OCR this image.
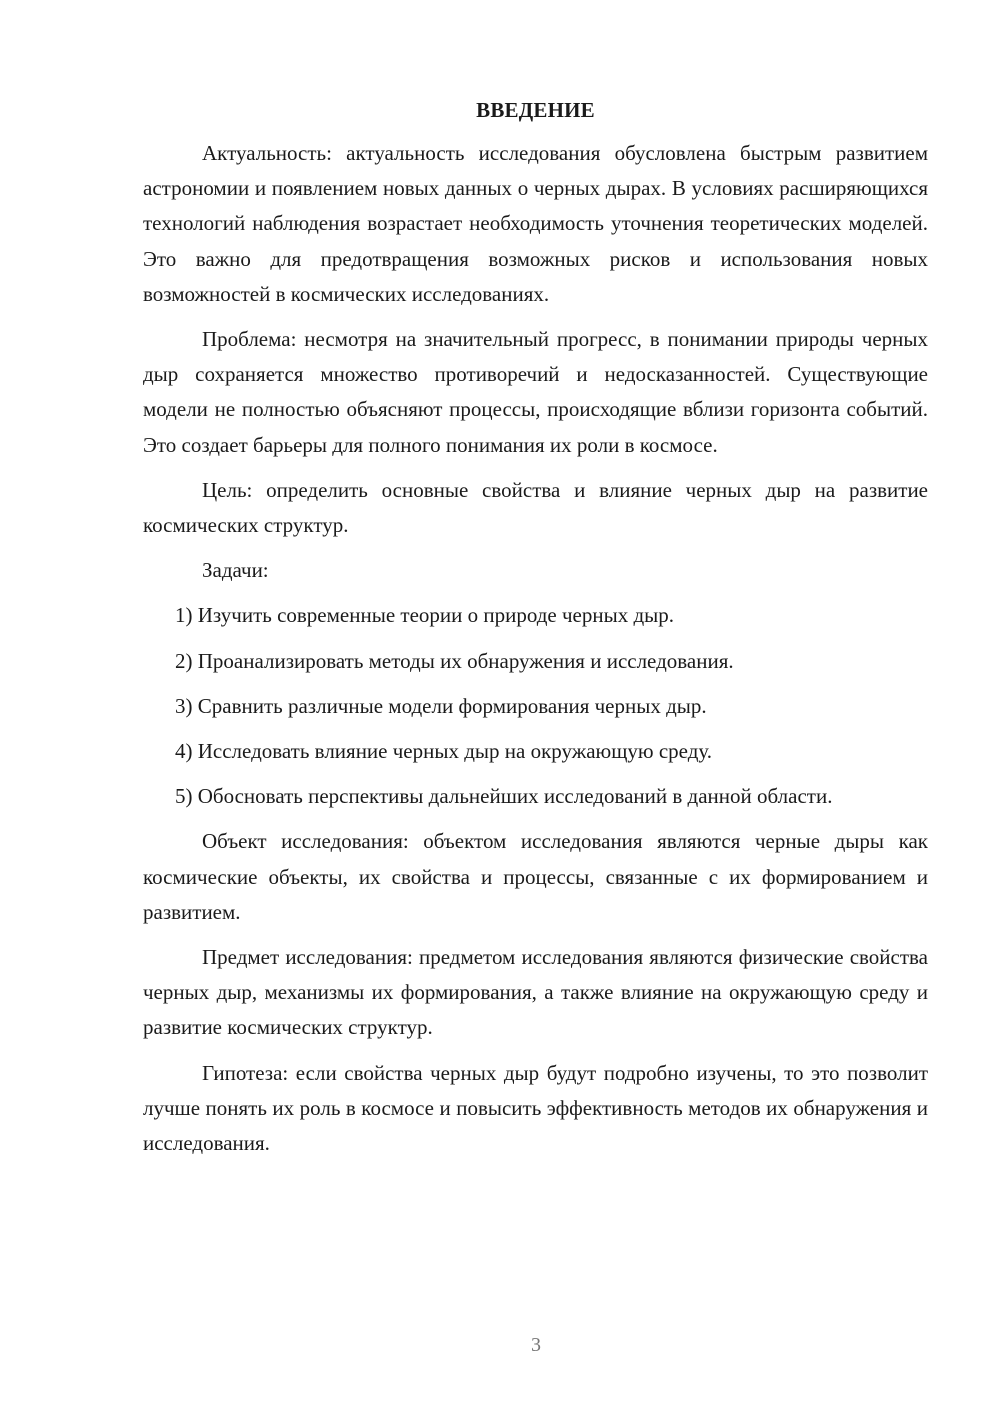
ВВЕДЕНИЕ

Актуальность: актуальность исследования обусловлена быстрым развитием астрономии и появлением новых данных о черных дырах. В условиях расширяющихся технологий наблюдения возрастает необходимость уточнения теоретических моделей. Это важно для предотвращения возможных рисков и использования новых возможностей в космических исследованиях.

Проблема: несмотря на значительный прогресс, в понимании природы черных дыр сохраняется множество противоречий и недосказанностей. Существующие модели не полностью объясняют процессы, происходящие вблизи горизонта событий. Это создает барьеры для полного понимания их роли в космосе.

Цель: определить основные свойства и влияние черных дыр на развитие космических структур.

Задачи:

1) Изучить современные теории о природе черных дыр.

2) Проанализировать методы их обнаружения и исследования.

3) Сравнить различные модели формирования черных дыр.

4) Исследовать влияние черных дыр на окружающую среду.

5) Обосновать перспективы дальнейших исследований в данной области.

Объект исследования: объектом исследования являются черные дыры как космические объекты, их свойства и процессы, связанные с их формированием и развитием.

Предмет исследования: предметом исследования являются физические свойства черных дыр, механизмы их формирования, а также влияние на окружающую среду и развитие космических структур.

Гипотеза: если свойства черных дыр будут подробно изучены, то это позволит лучше понять их роль в космосе и повысить эффективность методов их обнаружения и исследования.

3
